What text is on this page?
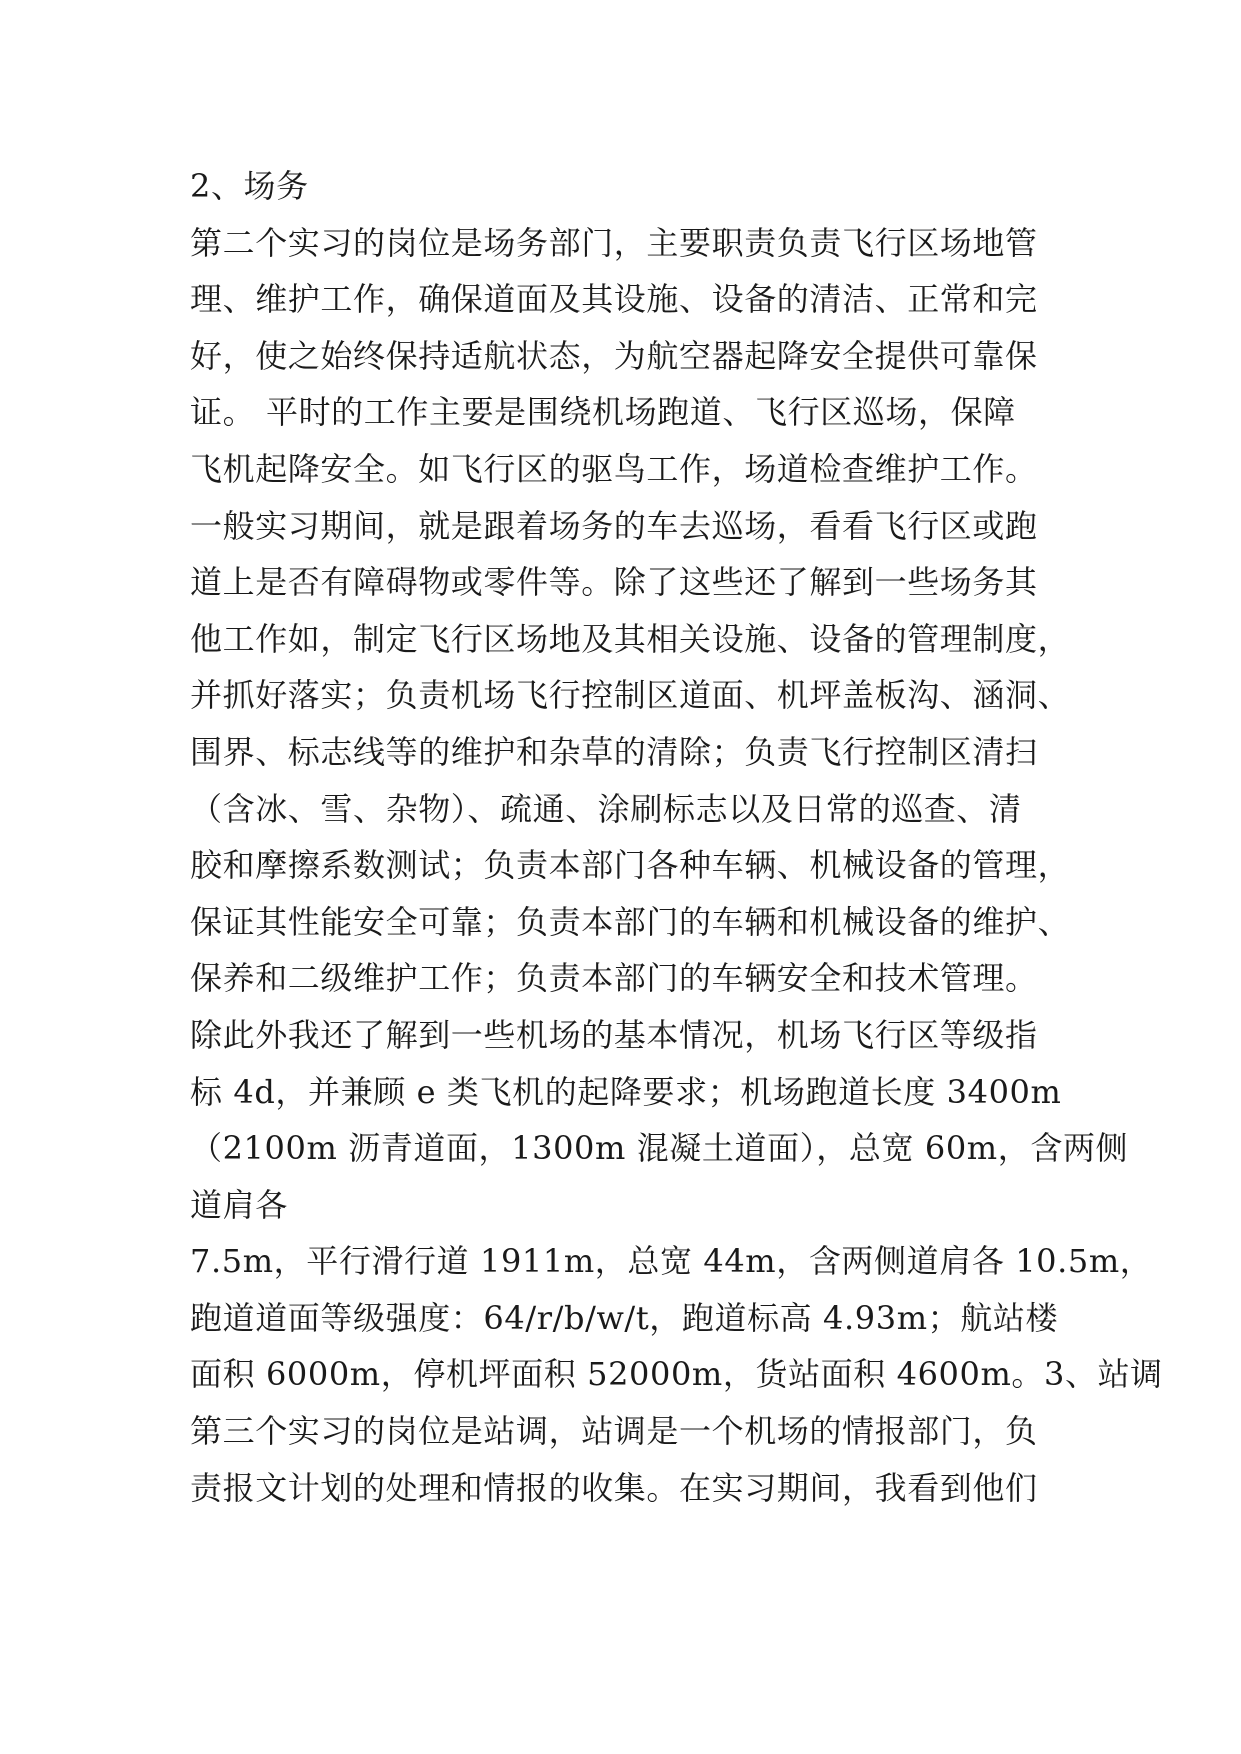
2、场务
第二个实习的岗位是场务部门，主要职责负责飞行区场地管
理、维护工作，确保道面及其设施、设备的清洁、正常和完
好，使之始终保持适航状态，为航空器起降安全提供可靠保
证。 平时的工作主要是围绕机场跑道、飞行区巡场，保障
飞机起降安全。如飞行区的驱鸟工作，场道检查维护工作。
一般实习期间，就是跟着场务的车去巡场，看看飞行区或跑
道上是否有障碍物或零件等。除了这些还了解到一些场务其
他工作如，制定飞行区场地及其相关设施、设备的管理制度，
并抓好落实；负责机场飞行控制区道面、机坪盖板沟、涵洞、
围界、标志线等的维护和杂草的清除；负责飞行控制区清扫
（含冰、雪、杂物）、疏通、涂刷标志以及日常的巡查、清
胶和摩擦系数测试；负责本部门各种车辆、机械设备的管理，
保证其性能安全可靠；负责本部门的车辆和机械设备的维护、
保养和二级维护工作；负责本部门的车辆安全和技术管理。
除此外我还了解到一些机场的基本情况，机场飞行区等级指
标 4d，并兼顾 e 类飞机的起降要求；机场跑道长度 3400m
（2100m 沥青道面，1300m 混凝土道面），总宽 60m，含两侧
道肩各
7.5m，平行滑行道 1911m，总宽 44m，含两侧道肩各 10.5m，
跑道道面等级强度：64/r/b/w/t，跑道标高 4.93m；航站楼
面积 6000m，停机坪面积 52000m，货站面积 4600m。3、站调
第三个实习的岗位是站调，站调是一个机场的情报部门，负
责报文计划的处理和情报的收集。在实习期间，我看到他们
